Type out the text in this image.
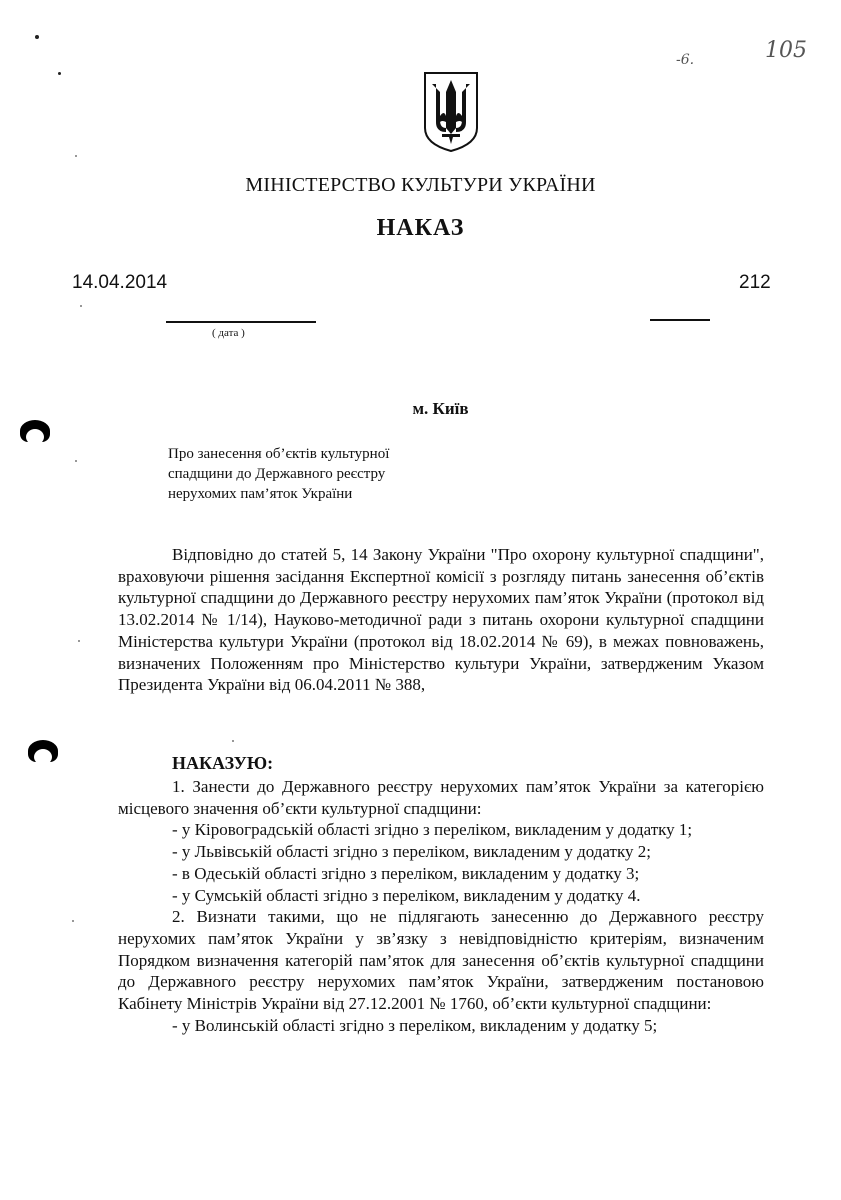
-6.	105
МІНІСТЕРСТВО КУЛЬТУРИ УКРАЇНИ
НАКАЗ
14.04.2014	212
( дата )
м. Київ
Про занесення об’єктів культурної
спадщини до Державного реєстру
нерухомих пам’яток України

Відповідно до статей 5, 14 Закону України "Про охорону культурної спадщини", враховуючи рішення засідання Експертної комісії з розгляду питань занесення об’єктів культурної спадщини до Державного реєстру нерухомих пам’яток України (протокол від 13.02.2014 № 1/14), Науково-методичної ради з питань охорони культурної спадщини Міністерства культури України (протокол від 18.02.2014 № 69), в межах повноважень, визначених Положенням про Міністерство культури України, затвердженим Указом Президента України від 06.04.2011 № 388,

НАКАЗУЮ:

1. Занести до Державного реєстру нерухомих пам’яток України за категорією місцевого значення об’єкти культурної спадщини:

- у Кіровоградській області згідно з переліком, викладеним у додатку 1;

- у Львівській області згідно з переліком, викладеним у додатку 2;

- в Одеській області згідно з переліком, викладеним у додатку 3;

- у Сумській області згідно з переліком, викладеним у додатку 4.

2. Визнати такими, що не підлягають занесенню до Державного реєстру нерухомих пам’яток України у зв’язку з невідповідністю критеріям, визначеним Порядком визначення категорій пам’яток для занесення об’єктів культурної спадщини до Державного реєстру нерухомих пам’яток України, затвердженим постановою Кабінету Міністрів України від 27.12.2001 № 1760, об’єкти культурної спадщини:

- у Волинській області згідно з переліком, викладеним у додатку 5;
